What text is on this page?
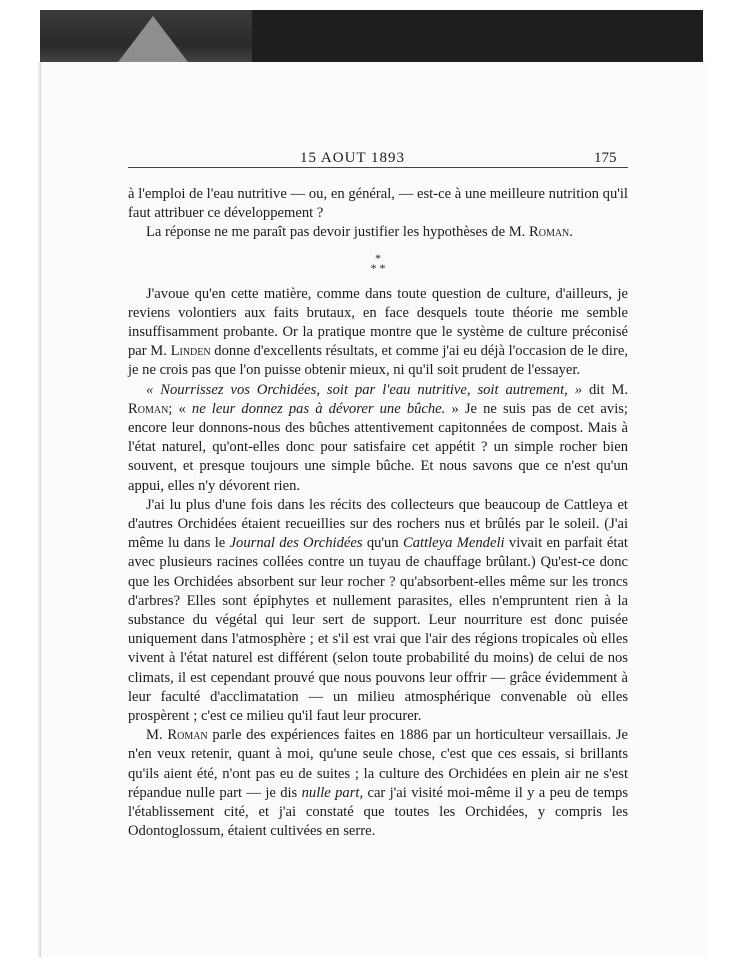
15 AOUT 1893	175

à l'emploi de l'eau nutritive — ou, en général, — est-ce à une meilleure nutrition qu'il faut attribuer ce développement ?

La réponse ne me paraît pas devoir justifier les hypothèses de M. Roman.

*
* *

J'avoue qu'en cette matière, comme dans toute question de culture, d'ailleurs, je reviens volontiers aux faits brutaux, en face desquels toute théorie me semble insuffisamment probante. Or la pratique montre que le système de culture préconisé par M. Linden donne d'excellents résultats, et comme j'ai eu déjà l'occasion de le dire, je ne crois pas que l'on puisse obtenir mieux, ni qu'il soit prudent de l'essayer.

« Nourrissez vos Orchidées, soit par l'eau nutritive, soit autrement, » dit M. Roman; « ne leur donnez pas à dévorer une bûche. » Je ne suis pas de cet avis; encore leur donnons-nous des bûches attentivement capitonnées de compost. Mais à l'état naturel, qu'ont-elles donc pour satisfaire cet appétit ? un simple rocher bien souvent, et presque toujours une simple bûche. Et nous savons que ce n'est qu'un appui, elles n'y dévorent rien.

J'ai lu plus d'une fois dans les récits des collecteurs que beaucoup de Cattleya et d'autres Orchidées étaient recueillies sur des rochers nus et brûlés par le soleil. (J'ai même lu dans le Journal des Orchidées qu'un Cattleya Mendeli vivait en parfait état avec plusieurs racines collées contre un tuyau de chauffage brûlant.) Qu'est-ce donc que les Orchidées absorbent sur leur rocher ? qu'absorbent-elles même sur les troncs d'arbres? Elles sont épiphytes et nullement parasites, elles n'empruntent rien à la substance du végétal qui leur sert de support. Leur nourriture est donc puisée uniquement dans l'atmosphère ; et s'il est vrai que l'air des régions tropicales où elles vivent à l'état naturel est différent (selon toute probabilité du moins) de celui de nos climats, il est cependant prouvé que nous pouvons leur offrir — grâce évidemment à leur faculté d'acclimatation — un milieu atmosphérique convenable où elles prospèrent ; c'est ce milieu qu'il faut leur procurer.

M. Roman parle des expériences faites en 1886 par un horticulteur versaillais. Je n'en veux retenir, quant à moi, qu'une seule chose, c'est que ces essais, si brillants qu'ils aient été, n'ont pas eu de suites ; la culture des Orchidées en plein air ne s'est répandue nulle part — je dis nulle part, car j'ai visité moi-même il y a peu de temps l'établissement cité, et j'ai constaté que toutes les Orchidées, y compris les Odontoglossum, étaient cultivées en serre.
